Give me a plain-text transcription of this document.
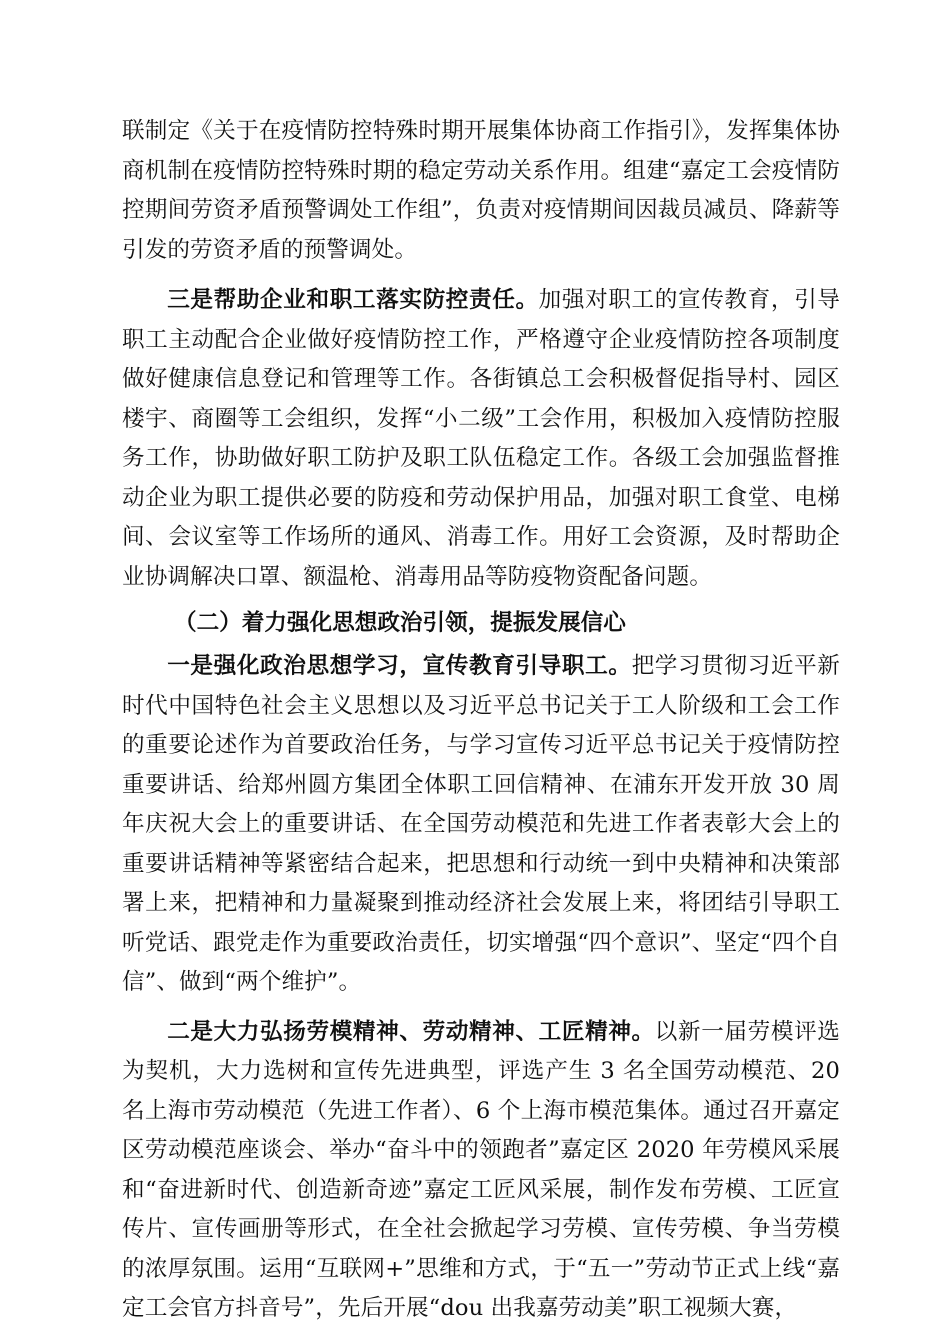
联制定《关于在疫情防控特殊时期开展集体协商工作指引》，发挥集体协商机制在疫情防控特殊时期的稳定劳动关系作用。组建“嘉定工会疫情防控期间劳资矛盾预警调处工作组”，负责对疫情期间因裁员减员、降薪等引发的劳资矛盾的预警调处。

三是帮助企业和职工落实防控责任。加强对职工的宣传教育，引导职工主动配合企业做好疫情防控工作，严格遵守企业疫情防控各项制度做好健康信息登记和管理等工作。各街镇总工会积极督促指导村、园区楼宇、商圈等工会组织，发挥“小二级”工会作用，积极加入疫情防控服务工作，协助做好职工防护及职工队伍稳定工作。各级工会加强监督推动企业为职工提供必要的防疫和劳动保护用品，加强对职工食堂、电梯间、会议室等工作场所的通风、消毒工作。用好工会资源，及时帮助企业协调解决口罩、额温枪、消毒用品等防疫物资配备问题。

（二）着力强化思想政治引领，提振发展信心

一是强化政治思想学习，宣传教育引导职工。把学习贯彻习近平新时代中国特色社会主义思想以及习近平总书记关于工人阶级和工会工作的重要论述作为首要政治任务，与学习宣传习近平总书记关于疫情防控重要讲话、给郑州圆方集团全体职工回信精神、在浦东开发开放 30 周年庆祝大会上的重要讲话、在全国劳动模范和先进工作者表彰大会上的重要讲话精神等紧密结合起来，把思想和行动统一到中央精神和决策部署上来，把精神和力量凝聚到推动经济社会发展上来，将团结引导职工听党话、跟党走作为重要政治责任，切实增强“四个意识”、坚定“四个自信”、做到“两个维护”。

二是大力弘扬劳模精神、劳动精神、工匠精神。以新一届劳模评选为契机，大力选树和宣传先进典型，评选产生 3 名全国劳动模范、20 名上海市劳动模范（先进工作者）、6 个上海市模范集体。通过召开嘉定区劳动模范座谈会、举办“奋斗中的领跑者”嘉定区 2020 年劳模风采展和“奋进新时代、创造新奇迹”嘉定工匠风采展，制作发布劳模、工匠宣传片、宣传画册等形式，在全社会掀起学习劳模、宣传劳模、争当劳模的浓厚氛围。运用“互联网+”思维和方式，于“五一”劳动节正式上线“嘉定工会官方抖音号”，先后开展“dou 出我嘉劳动美”职工视频大赛，
